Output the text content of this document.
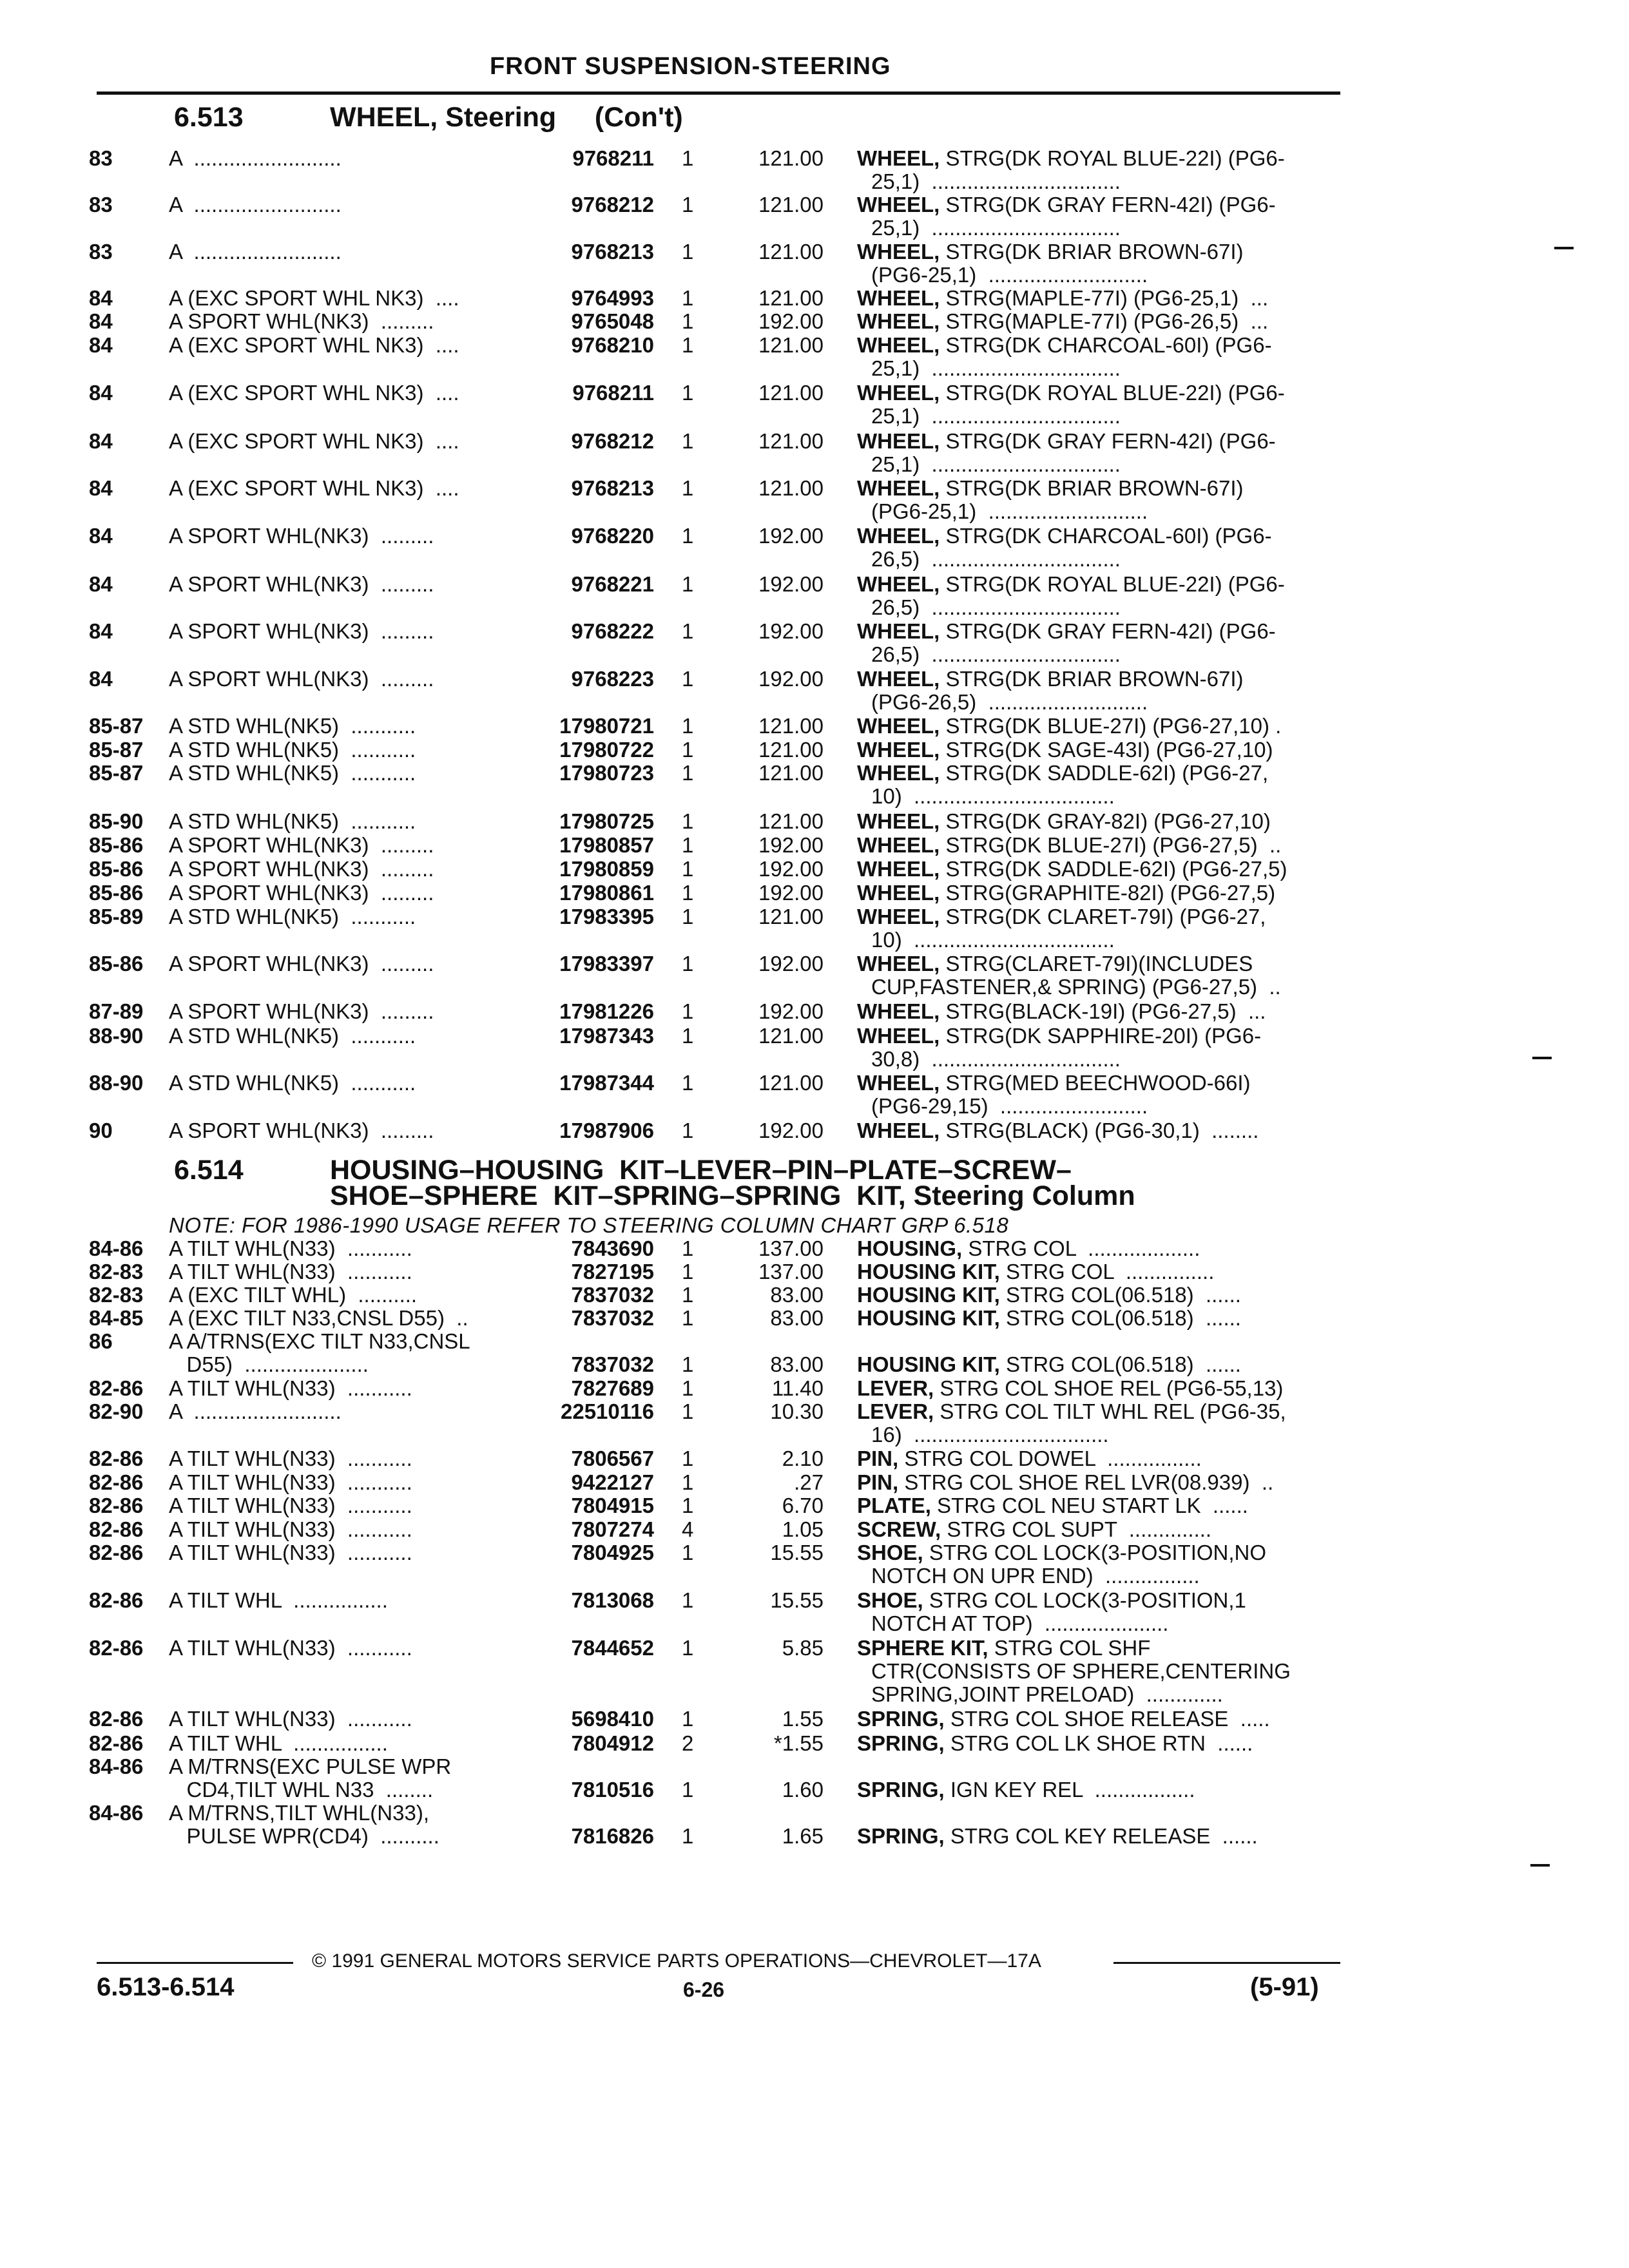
FRONT SUSPENSION-STEERING
6.513	WHEEL, Steering     (Con't)
83	A  .........................	9768211 1	121.00 WHEEL, STRG(DK ROYAL BLUE-22I) (PG6-
25,1)  ................................
83	A  .........................	9768212 1	121.00 WHEEL, STRG(DK GRAY FERN-42I) (PG6-
25,1)  ................................
83	A  .........................	9768213 1	121.00 WHEEL, STRG(DK BRIAR BROWN-67I)
(PG6-25,1)  ...........................
84	A (EXC SPORT WHL NK3)  ....	9764993 1	121.00 WHEEL, STRG(MAPLE-77I) (PG6-25,1)  ...
84	A SPORT WHL(NK3)  .........	9765048 1	192.00 WHEEL, STRG(MAPLE-77I) (PG6-26,5)  ...
84	A (EXC SPORT WHL NK3)  ....	9768210 1	121.00 WHEEL, STRG(DK CHARCOAL-60I) (PG6-
25,1)  ................................
84	A (EXC SPORT WHL NK3)  ....	9768211 1	121.00 WHEEL, STRG(DK ROYAL BLUE-22I) (PG6-
25,1)  ................................
84	A (EXC SPORT WHL NK3)  ....	9768212 1	121.00 WHEEL, STRG(DK GRAY FERN-42I) (PG6-
25,1)  ................................
84	A (EXC SPORT WHL NK3)  ....	9768213 1	121.00 WHEEL, STRG(DK BRIAR BROWN-67I)
(PG6-25,1)  ...........................
84	A SPORT WHL(NK3)  .........	9768220 1	192.00 WHEEL, STRG(DK CHARCOAL-60I) (PG6-
26,5)  ................................
84	A SPORT WHL(NK3)  .........	9768221 1	192.00 WHEEL, STRG(DK ROYAL BLUE-22I) (PG6-
26,5)  ................................
84	A SPORT WHL(NK3)  .........	9768222 1	192.00 WHEEL, STRG(DK GRAY FERN-42I) (PG6-
26,5)  ................................
84	A SPORT WHL(NK3)  .........	9768223 1	192.00 WHEEL, STRG(DK BRIAR BROWN-67I)
(PG6-26,5)  ...........................
85-87 A STD WHL(NK5)  ...........	17980721 1	121.00 WHEEL, STRG(DK BLUE-27I) (PG6-27,10) .
85-87 A STD WHL(NK5)  ...........	17980722 1	121.00 WHEEL, STRG(DK SAGE-43I) (PG6-27,10)
85-87 A STD WHL(NK5)  ...........	17980723 1	121.00 WHEEL, STRG(DK SADDLE-62I) (PG6-27,
10)  ..................................
85-90 A STD WHL(NK5)  ...........	17980725 1	121.00 WHEEL, STRG(DK GRAY-82I) (PG6-27,10)
85-86 A SPORT WHL(NK3)  .........	17980857 1	192.00 WHEEL, STRG(DK BLUE-27I) (PG6-27,5)  ..
85-86 A SPORT WHL(NK3)  .........	17980859 1	192.00 WHEEL, STRG(DK SADDLE-62I) (PG6-27,5)
85-86 A SPORT WHL(NK3)  .........	17980861 1	192.00 WHEEL, STRG(GRAPHITE-82I) (PG6-27,5)
85-89 A STD WHL(NK5)  ...........	17983395 1	121.00 WHEEL, STRG(DK CLARET-79I) (PG6-27,
10)  ..................................
85-86 A SPORT WHL(NK3)  .........	17983397 1	192.00 WHEEL, STRG(CLARET-79I)(INCLUDES
CUP,FASTENER,& SPRING) (PG6-27,5)  ..
87-89 A SPORT WHL(NK3)  .........	17981226 1	192.00 WHEEL, STRG(BLACK-19I) (PG6-27,5)  ...
88-90 A STD WHL(NK5)  ...........	17987343 1	121.00 WHEEL, STRG(DK SAPPHIRE-20I) (PG6-
30,8)  ................................
88-90 A STD WHL(NK5)  ...........	17987344 1	121.00 WHEEL, STRG(MED BEECHWOOD-66I)
(PG6-29,15)  .........................
90	A SPORT WHL(NK3)  .........	17987906 1	192.00 WHEEL, STRG(BLACK) (PG6-30,1)  ........
6.514	HOUSING–HOUSING  KIT–LEVER–PIN–PLATE–SCREW–
SHOE–SPHERE  KIT–SPRING–SPRING  KIT, Steering Column
NOTE: FOR 1986-1990 USAGE REFER TO STEERING COLUMN CHART GRP 6.518
84-86 A TILT WHL(N33)  ...........	7843690 1	137.00 HOUSING, STRG COL  ...................
82-83 A TILT WHL(N33)  ...........	7827195 1	137.00 HOUSING KIT, STRG COL  ...............
82-83 A (EXC TILT WHL)  ..........	7837032 1	83.00 HOUSING KIT, STRG COL(06.518)  ......
84-85 A (EXC TILT N33,CNSL D55)  ..	7837032 1	83.00 HOUSING KIT, STRG COL(06.518)  ......
86	A A/TRNS(EXC TILT N33,CNSL
D55)  .....................	7837032 1	83.00 HOUSING KIT, STRG COL(06.518)  ......
82-86 A TILT WHL(N33)  ...........	7827689 1	11.40 LEVER, STRG COL SHOE REL (PG6-55,13)
82-90 A  .........................	22510116 1	10.30 LEVER, STRG COL TILT WHL REL (PG6-35,
16)  .................................
82-86 A TILT WHL(N33)  ...........	7806567 1	2.10 PIN, STRG COL DOWEL  ................
82-86 A TILT WHL(N33)  ...........	9422127 1	.27 PIN, STRG COL SHOE REL LVR(08.939)  ..
82-86 A TILT WHL(N33)  ...........	7804915 1	6.70 PLATE, STRG COL NEU START LK  ......
82-86 A TILT WHL(N33)  ...........	7807274 4	1.05 SCREW, STRG COL SUPT  ..............
82-86 A TILT WHL(N33)  ...........	7804925 1	15.55 SHOE, STRG COL LOCK(3-POSITION,NO
NOTCH ON UPR END)  ................
82-86 A TILT WHL  ................	7813068 1	15.55 SHOE, STRG COL LOCK(3-POSITION,1
NOTCH AT TOP)  .....................
82-86 A TILT WHL(N33)  ...........	7844652 1	5.85 SPHERE KIT, STRG COL SHF
CTR(CONSISTS OF SPHERE,CENTERING
SPRING,JOINT PRELOAD)  .............
82-86 A TILT WHL(N33)  ...........	5698410 1	1.55 SPRING, STRG COL SHOE RELEASE  .....
82-86 A TILT WHL  ................	7804912 2	*1.55 SPRING, STRG COL LK SHOE RTN  ......
84-86 A M/TRNS(EXC PULSE WPR
CD4,TILT WHL N33  ........	7810516 1	1.60 SPRING, IGN KEY REL  .................
84-86 A M/TRNS,TILT WHL(N33),
PULSE WPR(CD4)  ..........	7816826 1	1.65 SPRING, STRG COL KEY RELEASE  ......
© 1991 GENERAL MOTORS SERVICE PARTS OPERATIONS—CHEVROLET—17A
6.513-6.514	6-26	(5-91)
